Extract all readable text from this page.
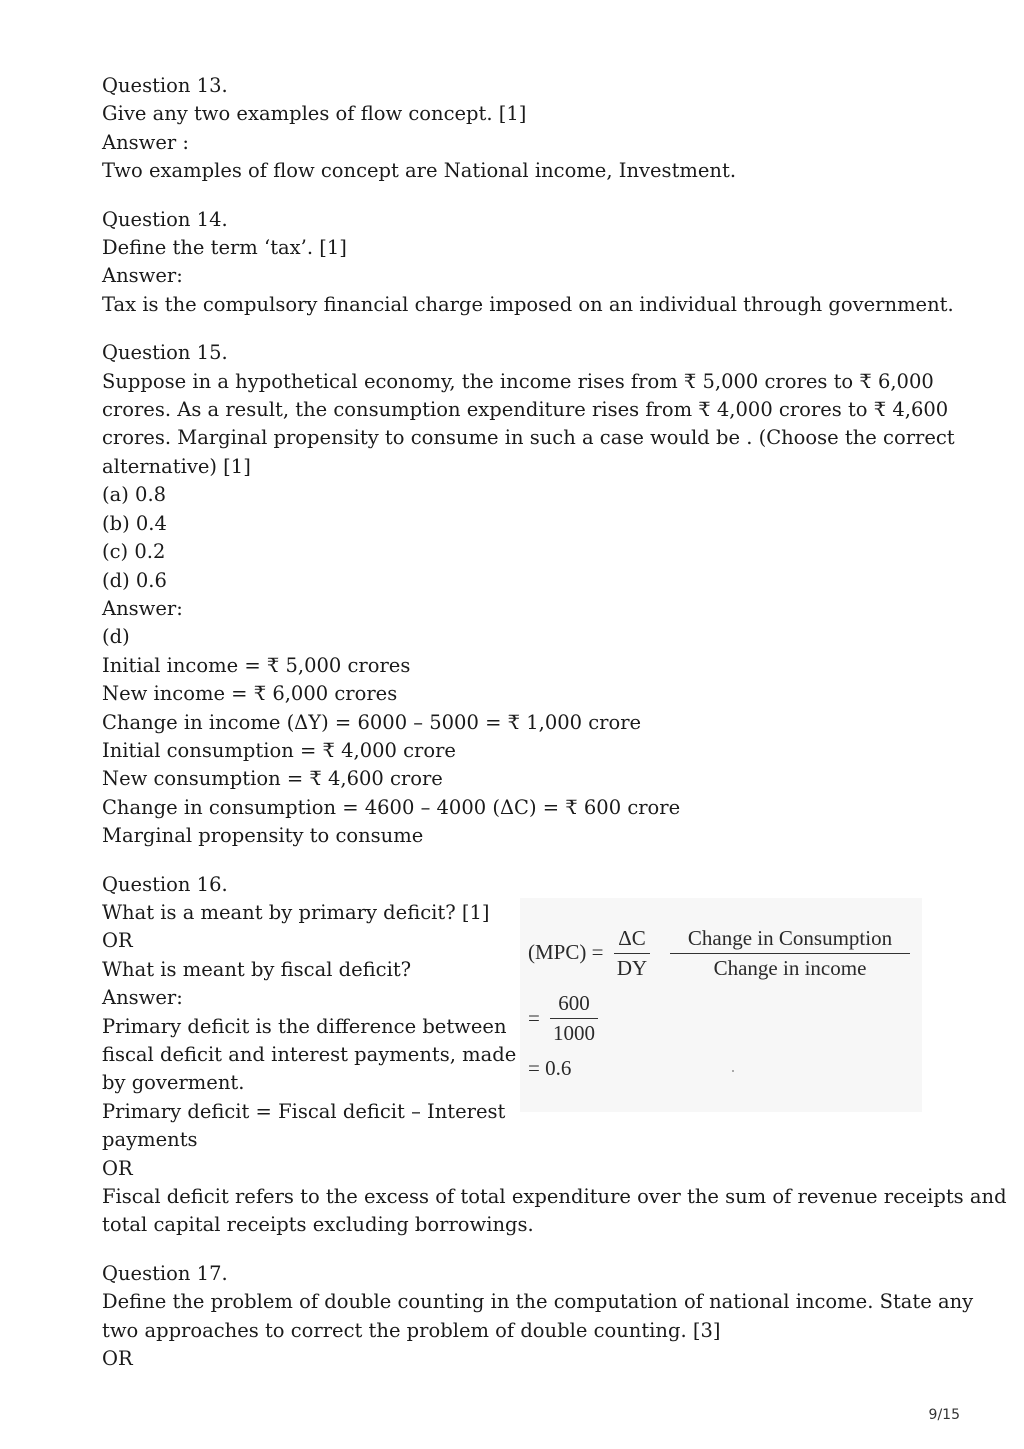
Question 13.
Give any two examples of flow concept. [1]
Answer :
Two examples of flow concept are National income, Investment.
Question 14.
Define the term ‘tax’. [1]
Answer:
Tax is the compulsory financial charge imposed on an individual through government.
Question 15.
Suppose in a hypothetical economy, the income rises from ₹ 5,000 crores to ₹ 6,000
crores. As a result, the consumption expenditure rises from ₹ 4,000 crores to ₹ 4,600
crores. Marginal propensity to consume in such a case would be . (Choose the correct
alternative) [1]
(a) 0.8
(b) 0.4
(c) 0.2
(d) 0.6
Answer:
(d)
Initial income = ₹ 5,000 crores
New income = ₹ 6,000 crores
Change in income (ΔY) = 6000 – 5000 = ₹ 1,000 crore
Initial consumption = ₹ 4,000 crore
New consumption = ₹ 4,600 crore
Change in consumption = 4600 – 4000 (ΔC) = ₹ 600 crore
Marginal propensity to consume
Question 16.
What is a meant by primary deficit? [1]
OR
What is meant by fiscal deficit?
Answer:
Primary deficit is the difference between
fiscal deficit and interest payments, made
by goverment.
Primary deficit = Fiscal deficit – Interest
payments
OR
Fiscal deficit refers to the excess of total expenditure over the sum of revenue receipts and
total capital receipts excluding borrowings.
Question 17.
Define the problem of double counting in the computation of national income. State any
two approaches to correct the problem of double counting. [3]
OR
(MPC) =
ΔC
DY
Change in Consumption
Change in income
=
600
1000
= 0.6
9/15
